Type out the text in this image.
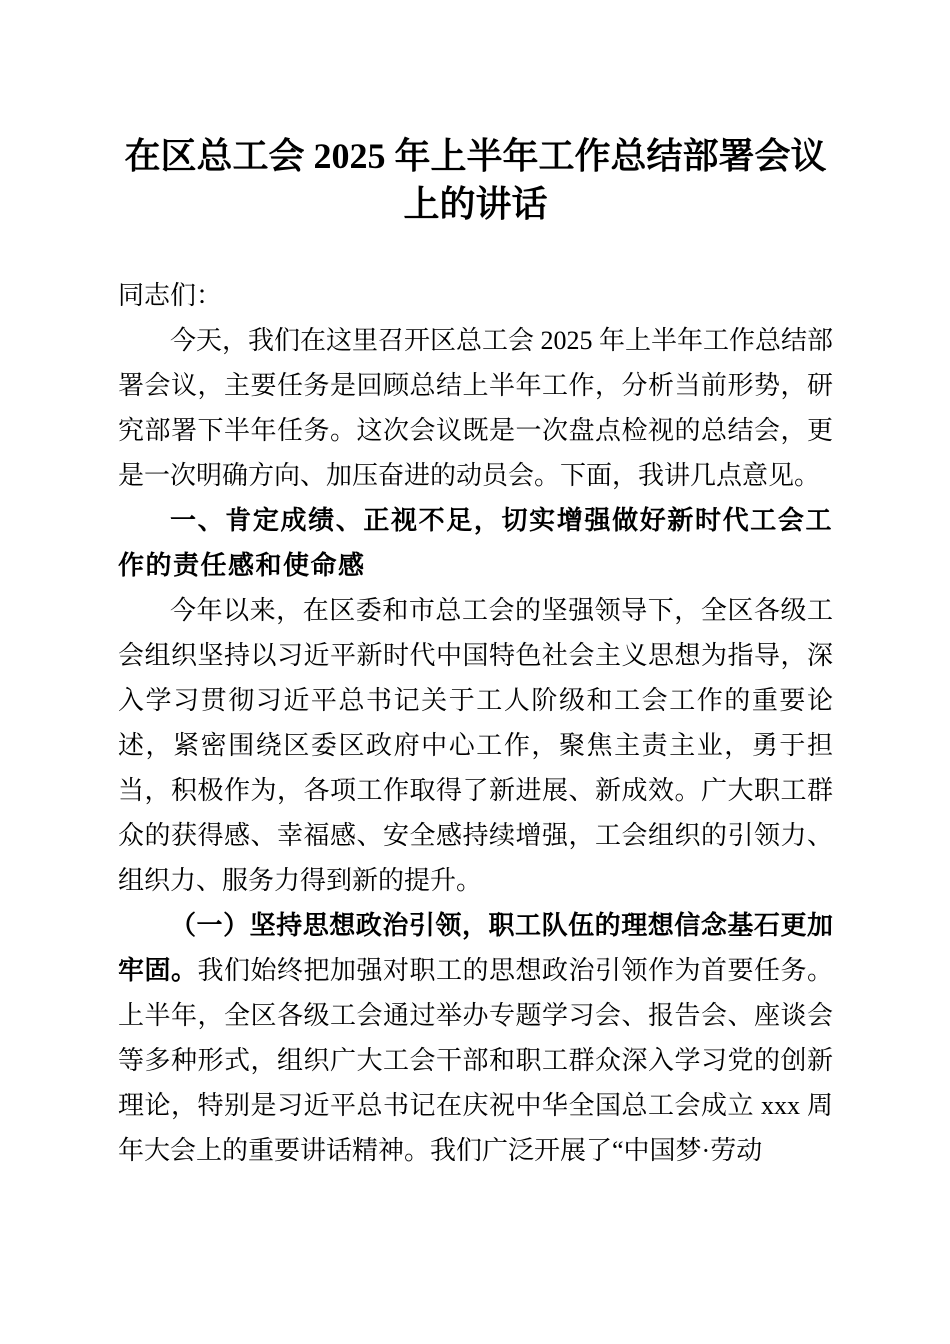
在区总工会 2025 年上半年工作总结部署会议上的讲话

同志们：

今天，我们在这里召开区总工会 2025 年上半年工作总结部署会议，主要任务是回顾总结上半年工作，分析当前形势，研究部署下半年任务。这次会议既是一次盘点检视的总结会，更是一次明确方向、加压奋进的动员会。下面，我讲几点意见。

一、肯定成绩、正视不足，切实增强做好新时代工会工作的责任感和使命感

今年以来，在区委和市总工会的坚强领导下，全区各级工会组织坚持以习近平新时代中国特色社会主义思想为指导，深入学习贯彻习近平总书记关于工人阶级和工会工作的重要论述，紧密围绕区委区政府中心工作，聚焦主责主业，勇于担当，积极作为，各项工作取得了新进展、新成效。广大职工群众的获得感、幸福感、安全感持续增强，工会组织的引领力、组织力、服务力得到新的提升。

（一）坚持思想政治引领，职工队伍的理想信念基石更加牢固。我们始终把加强对职工的思想政治引领作为首要任务。上半年，全区各级工会通过举办专题学习会、报告会、座谈会等多种形式，组织广大工会干部和职工群众深入学习党的创新理论，特别是习近平总书记在庆祝中华全国总工会成立 xxx 周年大会上的重要讲话精神。我们广泛开展了“中国梦·劳动
